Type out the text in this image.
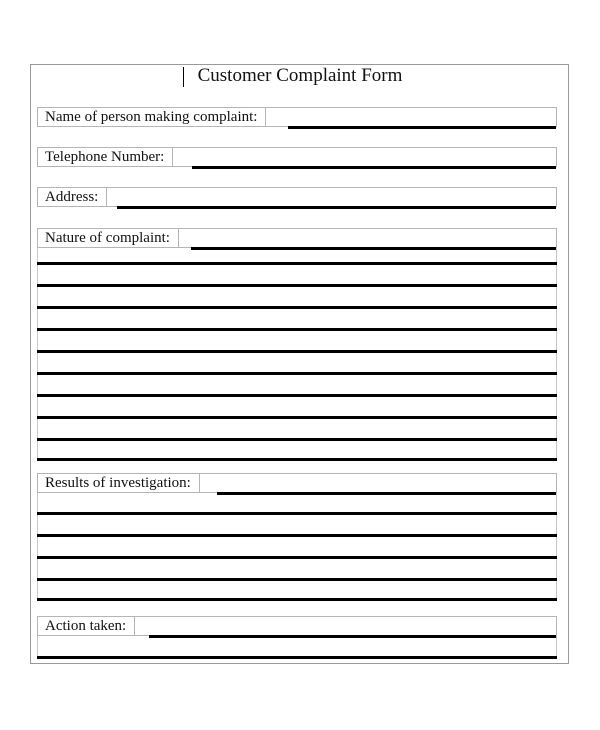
Customer Complaint Form
Name of person making complaint:
Telephone Number:
Address:
Nature of complaint:
Results of investigation:
Action taken:
